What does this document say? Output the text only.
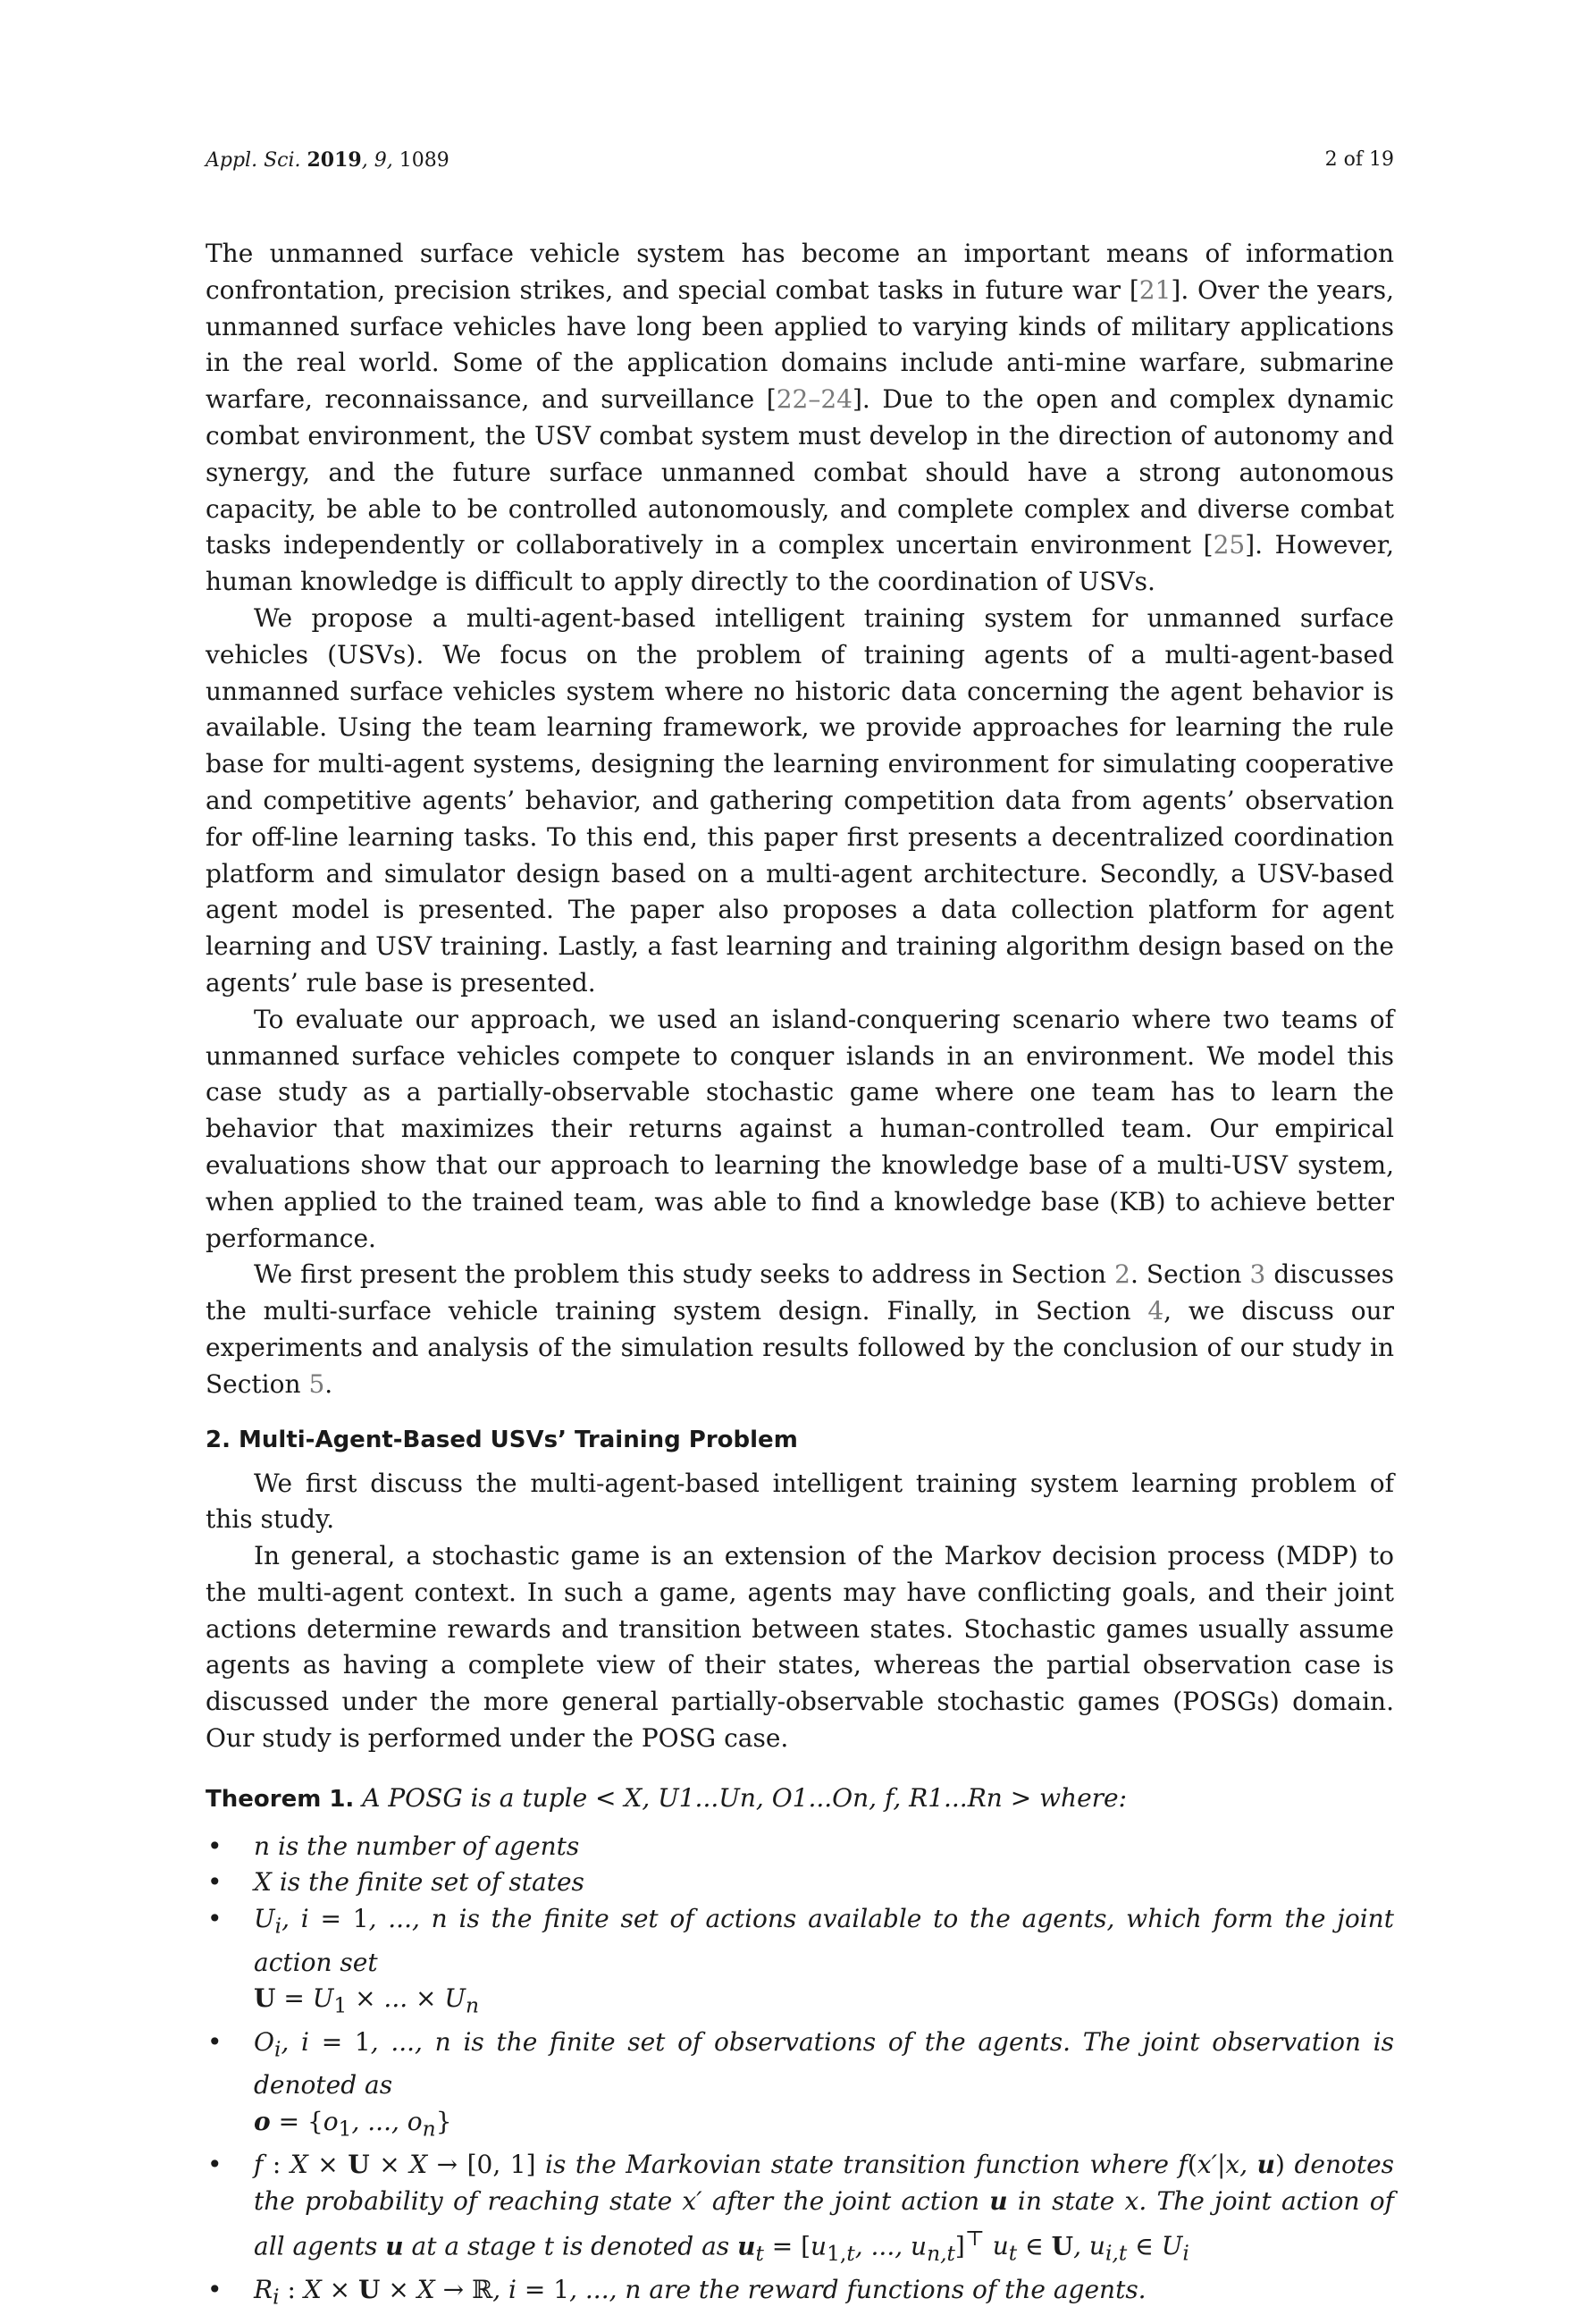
Appl. Sci. 2019, 9, 1089	2 of 19

The unmanned surface vehicle system has become an important means of information confrontation, precision strikes, and special combat tasks in future war [21]. Over the years, unmanned surface vehicles have long been applied to varying kinds of military applications in the real world. Some of the application domains include anti-mine warfare, submarine warfare, reconnaissance, and surveillance [22–24]. Due to the open and complex dynamic combat environment, the USV combat system must develop in the direction of autonomy and synergy, and the future surface unmanned combat should have a strong autonomous capacity, be able to be controlled autonomously, and complete complex and diverse combat tasks independently or collaboratively in a complex uncertain environment [25]. However, human knowledge is difficult to apply directly to the coordination of USVs.

We propose a multi-agent-based intelligent training system for unmanned surface vehicles (USVs). We focus on the problem of training agents of a multi-agent-based unmanned surface vehicles system where no historic data concerning the agent behavior is available. Using the team learning framework, we provide approaches for learning the rule base for multi-agent systems, designing the learning environment for simulating cooperative and competitive agents’ behavior, and gathering competition data from agents’ observation for off-line learning tasks. To this end, this paper first presents a decentralized coordination platform and simulator design based on a multi-agent architecture. Secondly, a USV-based agent model is presented. The paper also proposes a data collection platform for agent learning and USV training. Lastly, a fast learning and training algorithm design based on the agents’ rule base is presented.

To evaluate our approach, we used an island-conquering scenario where two teams of unmanned surface vehicles compete to conquer islands in an environment. We model this case study as a partially-observable stochastic game where one team has to learn the behavior that maximizes their returns against a human-controlled team. Our empirical evaluations show that our approach to learning the knowledge base of a multi-USV system, when applied to the trained team, was able to find a knowledge base (KB) to achieve better performance.

We first present the problem this study seeks to address in Section 2. Section 3 discusses the multi-surface vehicle training system design. Finally, in Section 4, we discuss our experiments and analysis of the simulation results followed by the conclusion of our study in Section 5.

2. Multi-Agent-Based USVs’ Training Problem

We first discuss the multi-agent-based intelligent training system learning problem of this study.

In general, a stochastic game is an extension of the Markov decision process (MDP) to the multi-agent context. In such a game, agents may have conflicting goals, and their joint actions determine rewards and transition between states. Stochastic games usually assume agents as having a complete view of their states, whereas the partial observation case is discussed under the more general partially-observable stochastic games (POSGs) domain. Our study is performed under the POSG case.

Theorem 1. A POSG is a tuple < X, U1...Un, O1...On, f, R1...Rn > where:
• n is the number of agents
• X is the finite set of states
• $U_i$, i = 1, ..., n is the finite set of actions available to the agents, which form the joint action set
$U = U_1$ × ... × $U_n$
• $O_i$, i = 1, ..., n is the finite set of observations of the agents. The joint observation is denoted as
$o = \{o_1$, ..., $o_n$}
• f : X × U × X → [0, 1] is the Markovian state transition function where f(x′|x, u) denotes the probability of reaching state x′ after the joint action u in state x. The joint action of all agents u at a stage t is denoted as $u_t = [u_{1,t}$, ..., $u_{n,t}]^⊤$ $u_t$ ∈ U, $u_{i,t}$ ∈ $U_i$
• $R_i$ : X × U × X → ℝ, i = 1, ..., n are the reward functions of the agents.
